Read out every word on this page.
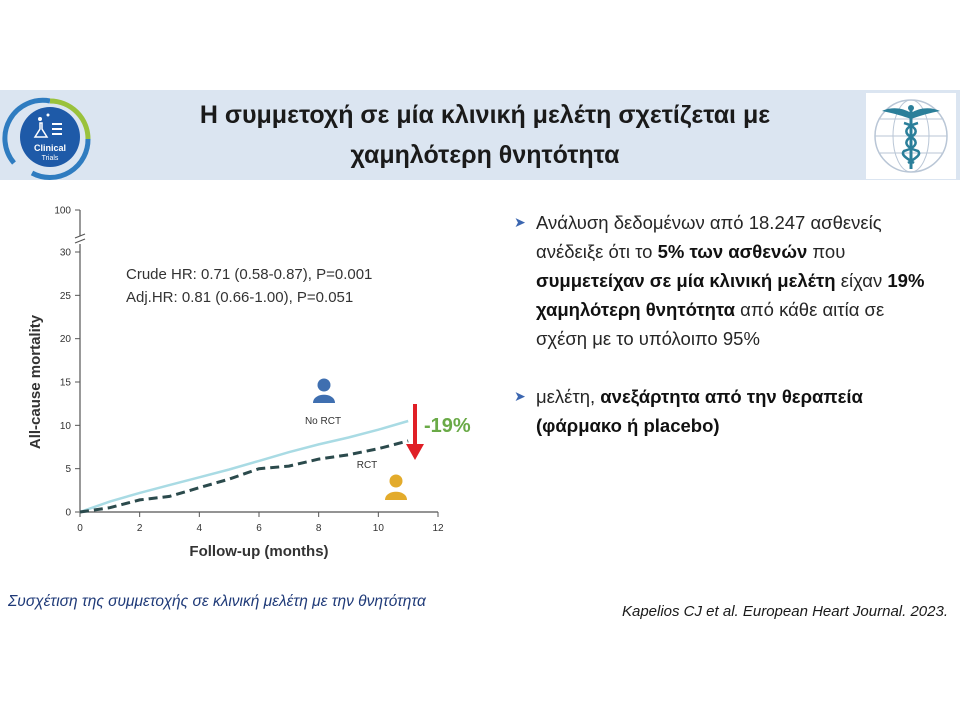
Clinical
Trials
Η συμμετοχή σε μία κλινική μελέτη σχετίζεται με
χαμηλότερη θνητότητα
Follow-up (months)
All-cause mortality
0	2	4	6	8	10	12
0
5
10
15
20
25
30
100
Crude HR: 0.71 (0.58-0.87), P=0.001
Adj.HR: 0.81 (0.66-1.00), P=0.051
No RCT
RCT
-19%
➤ Ανάλυση δεδομένων από 18.247 ασθενείς ανέδειξε ότι το 5% των ασθενών που συμμετείχαν σε μία κλινική μελέτη είχαν 19% χαμηλότερη θνητότητα από κάθε αιτία σε σχέση με το υπόλοιπο 95%
➤ μελέτη, ανεξάρτητα από την θεραπεία (φάρμακο ή placebo)
Συσχέτιση της συμμετοχής σε κλινική μελέτη με την θνητότητα
Kapelios CJ et al. European Heart Journal. 2023.
